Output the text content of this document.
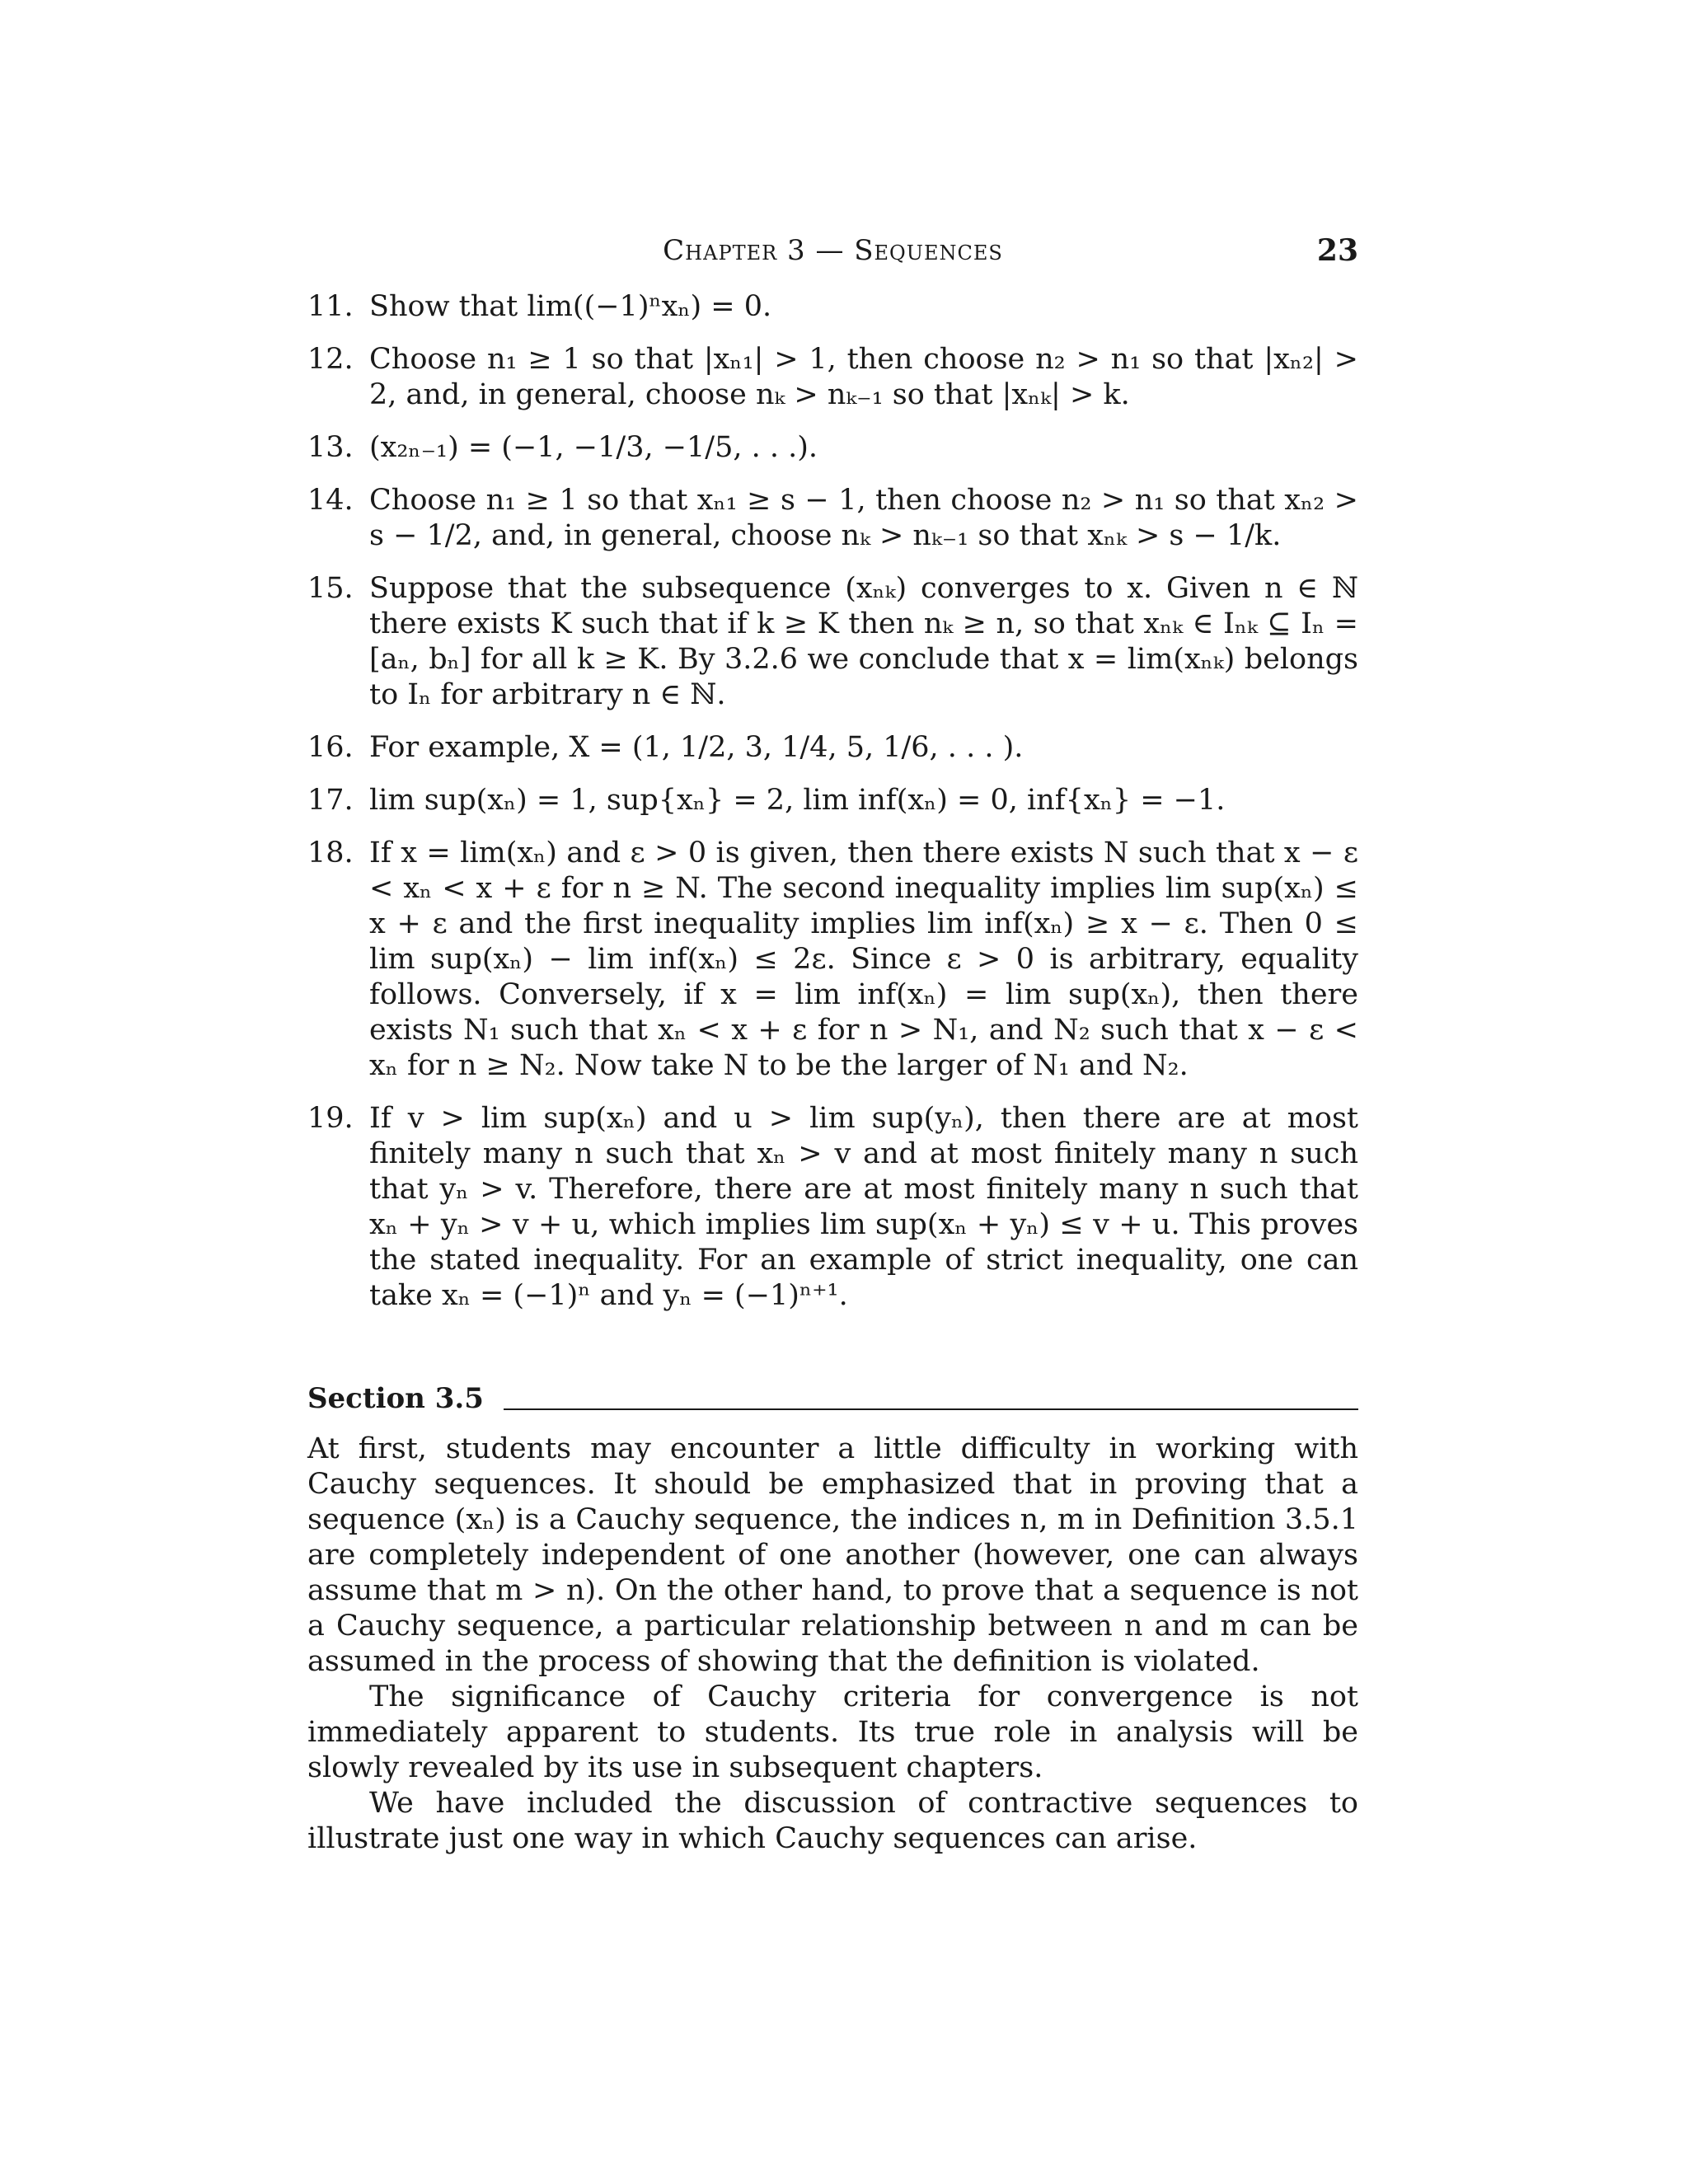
Chapter 3 — Sequences	23
11. Show that lim((−1)ⁿxₙ) = 0.
12. Choose n₁ ≥ 1 so that |xₙ₁| > 1, then choose n₂ > n₁ so that |xₙ₂| > 2, and, in general, choose nₖ > nₖ₋₁ so that |xₙₖ| > k.
13. (x₂ₙ₋₁) = (−1, −1/3, −1/5, . . .).
14. Choose n₁ ≥ 1 so that xₙ₁ ≥ s − 1, then choose n₂ > n₁ so that xₙ₂ > s − 1/2, and, in general, choose nₖ > nₖ₋₁ so that xₙₖ > s − 1/k.
15. Suppose that the subsequence (xₙₖ) converges to x. Given n ∈ ℕ there exists K such that if k ≥ K then nₖ ≥ n, so that xₙₖ ∈ Iₙₖ ⊆ Iₙ = [aₙ, bₙ] for all k ≥ K. By 3.2.6 we conclude that x = lim(xₙₖ) belongs to Iₙ for arbitrary n ∈ ℕ.
16. For example, X = (1, 1/2, 3, 1/4, 5, 1/6, . . . ).
17. lim sup(xₙ) = 1, sup{xₙ} = 2, lim inf(xₙ) = 0, inf{xₙ} = −1.
18. If x = lim(xₙ) and ε > 0 is given, then there exists N such that x − ε < xₙ < x + ε for n ≥ N. The second inequality implies lim sup(xₙ) ≤ x + ε and the first inequality implies lim inf(xₙ) ≥ x − ε. Then 0 ≤ lim sup(xₙ) − lim inf(xₙ) ≤ 2ε. Since ε > 0 is arbitrary, equality follows. Conversely, if x = lim inf(xₙ) = lim sup(xₙ), then there exists N₁ such that xₙ < x + ε for n > N₁, and N₂ such that x − ε < xₙ for n ≥ N₂. Now take N to be the larger of N₁ and N₂.
19. If v > lim sup(xₙ) and u > lim sup(yₙ), then there are at most finitely many n such that xₙ > v and at most finitely many n such that yₙ > v. Therefore, there are at most finitely many n such that xₙ + yₙ > v + u, which implies lim sup(xₙ + yₙ) ≤ v + u. This proves the stated inequality. For an example of strict inequality, one can take xₙ = (−1)ⁿ and yₙ = (−1)ⁿ⁺¹.
Section 3.5

At first, students may encounter a little difficulty in working with Cauchy sequences. It should be emphasized that in proving that a sequence (xₙ) is a Cauchy sequence, the indices n, m in Definition 3.5.1 are completely independent of one another (however, one can always assume that m > n). On the other hand, to prove that a sequence is not a Cauchy sequence, a particular relationship between n and m can be assumed in the process of showing that the definition is violated.

The significance of Cauchy criteria for convergence is not immediately apparent to students. Its true role in analysis will be slowly revealed by its use in subsequent chapters.

We have included the discussion of contractive sequences to illustrate just one way in which Cauchy sequences can arise.
